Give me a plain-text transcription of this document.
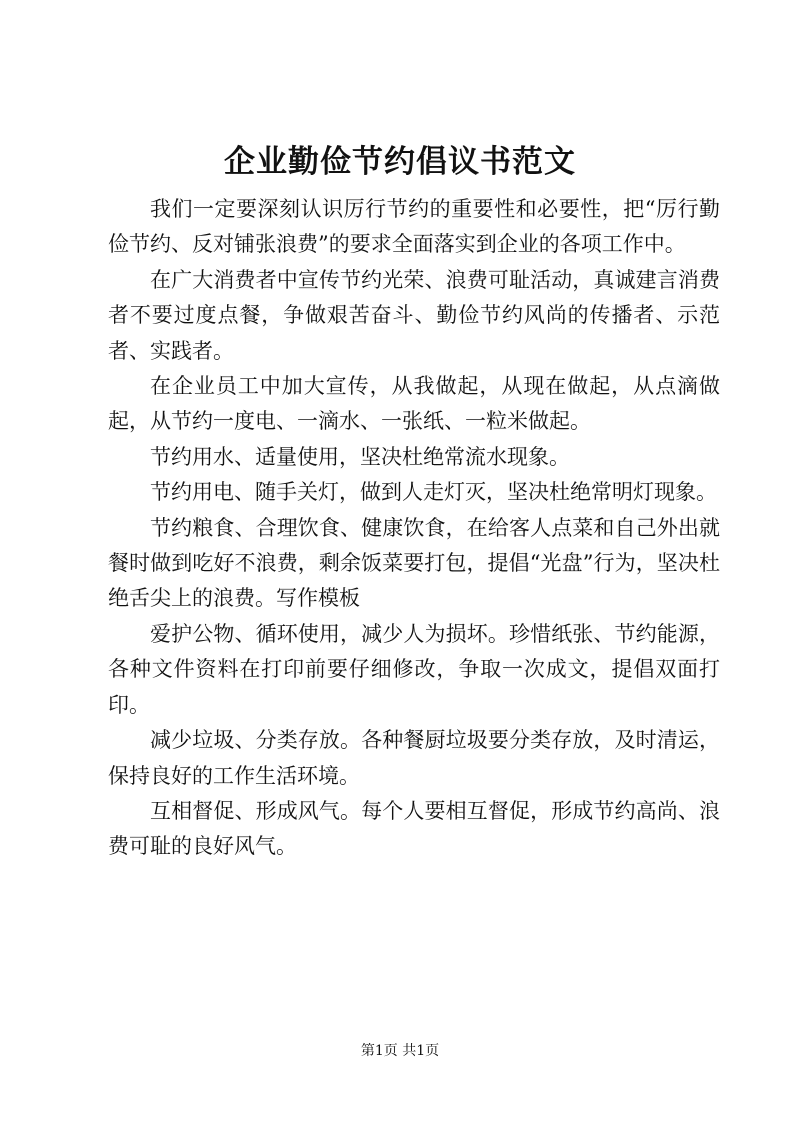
企业勤俭节约倡议书范文

我们一定要深刻认识厉行节约的重要性和必要性，把“厉行勤俭节约、反对铺张浪费”的要求全面落实到企业的各项工作中。

在广大消费者中宣传节约光荣、浪费可耻活动，真诚建言消费者不要过度点餐，争做艰苦奋斗、勤俭节约风尚的传播者、示范者、实践者。

在企业员工中加大宣传，从我做起，从现在做起，从点滴做起，从节约一度电、一滴水、一张纸、一粒米做起。

节约用水、适量使用，坚决杜绝常流水现象。

节约用电、随手关灯，做到人走灯灭，坚决杜绝常明灯现象。

节约粮食、合理饮食、健康饮食，在给客人点菜和自己外出就餐时做到吃好不浪费，剩余饭菜要打包，提倡“光盘”行为，坚决杜绝舌尖上的浪费。写作模板

爱护公物、循环使用，减少人为损坏。珍惜纸张、节约能源，各种文件资料在打印前要仔细修改，争取一次成文，提倡双面打印。

减少垃圾、分类存放。各种餐厨垃圾要分类存放，及时清运，保持良好的工作生活环境。

互相督促、形成风气。每个人要相互督促，形成节约高尚、浪费可耻的良好风气。

第1页 共1页
